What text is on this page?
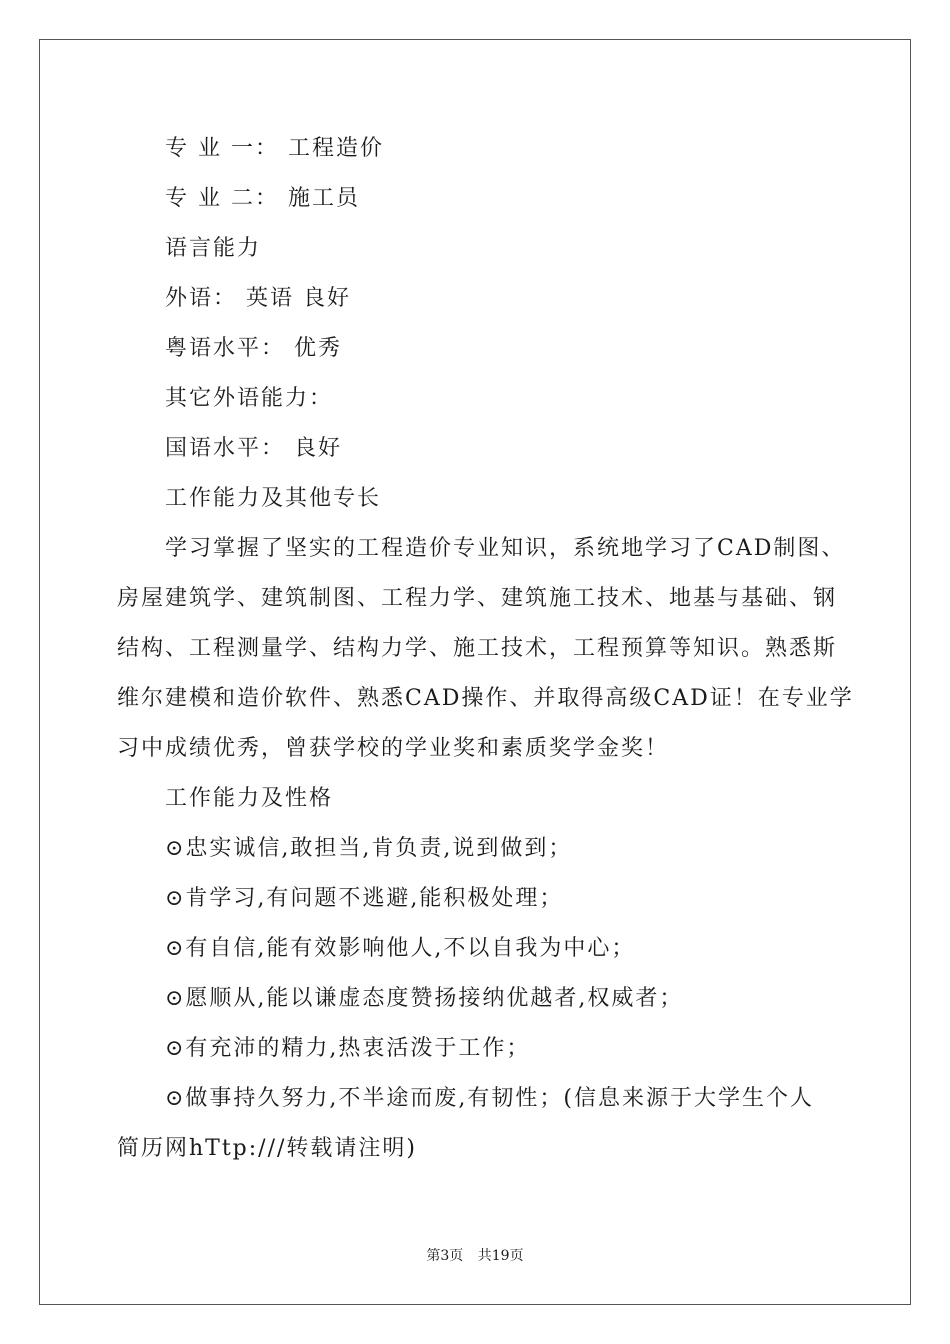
专 业 一： 工程造价
专 业 二： 施工员
语言能力
外语： 英语 良好
粤语水平： 优秀
其它外语能力：
国语水平： 良好
工作能力及其他专长
学习掌握了坚实的工程造价专业知识，系统地学习了CAD制图、
房屋建筑学、建筑制图、工程力学、建筑施工技术、地基与基础、钢
结构、工程测量学、结构力学、施工技术，工程预算等知识。熟悉斯
维尔建模和造价软件、熟悉CAD操作、并取得高级CAD证！在专业学
习中成绩优秀，曾获学校的学业奖和素质奖学金奖！
工作能力及性格
⊙忠实诚信,敢担当,肯负责,说到做到；
⊙肯学习,有问题不逃避,能积极处理；
⊙有自信,能有效影响他人,不以自我为中心；
⊙愿顺从,能以谦虚态度赞扬接纳优越者,权威者；
⊙有充沛的精力,热衷活泼于工作；
⊙做事持久努力,不半途而废,有韧性；(信息来源于大学生个人
简历网hTtp:///转载请注明)
第3页 共19页
